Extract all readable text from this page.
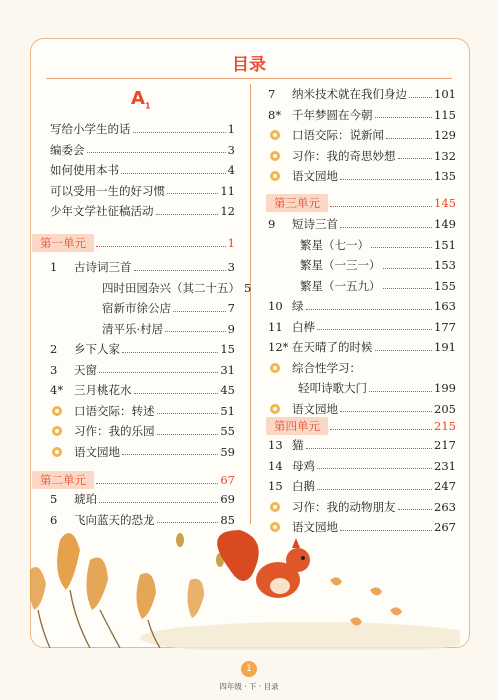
目录
$A_1$
写给小学生的话	1
编委会	3
如何使用本书	4
可以受用一生的好习惯	11
少年文学社征稿活动	12
第一单元	1
1	古诗词三首	3
四时田园杂兴（其二十五） 5
宿新市徐公店	7
清平乐·村居	9
2	乡下人家	15
3	天窗	31
4* 三月桃花水	45
口语交际：转述	51
习作：我的乐园	55
语文园地	59
第二单元	67
5	琥珀	69
6	飞向蓝天的恐龙	85
7	纳米技术就在我们身边 101
8* 千年梦圆在今朝	115
口语交际：说新闻	129
习作：我的奇思妙想	132
语文园地	135
第三单元	145
9	短诗三首	149
繁星（七一）	151
繁星（一三一）	153
繁星（一五九）	155
10 绿	163
11 白桦	177
12* 在天晴了的时候	191
综合性学习：
轻叩诗歌大门	199
语文园地	205
第四单元	215
13 猫	217
14 母鸡	231
15 白鹅	247
习作：我的动物朋友	263
语文园地	267
1
四年级 · 下 · 目录
